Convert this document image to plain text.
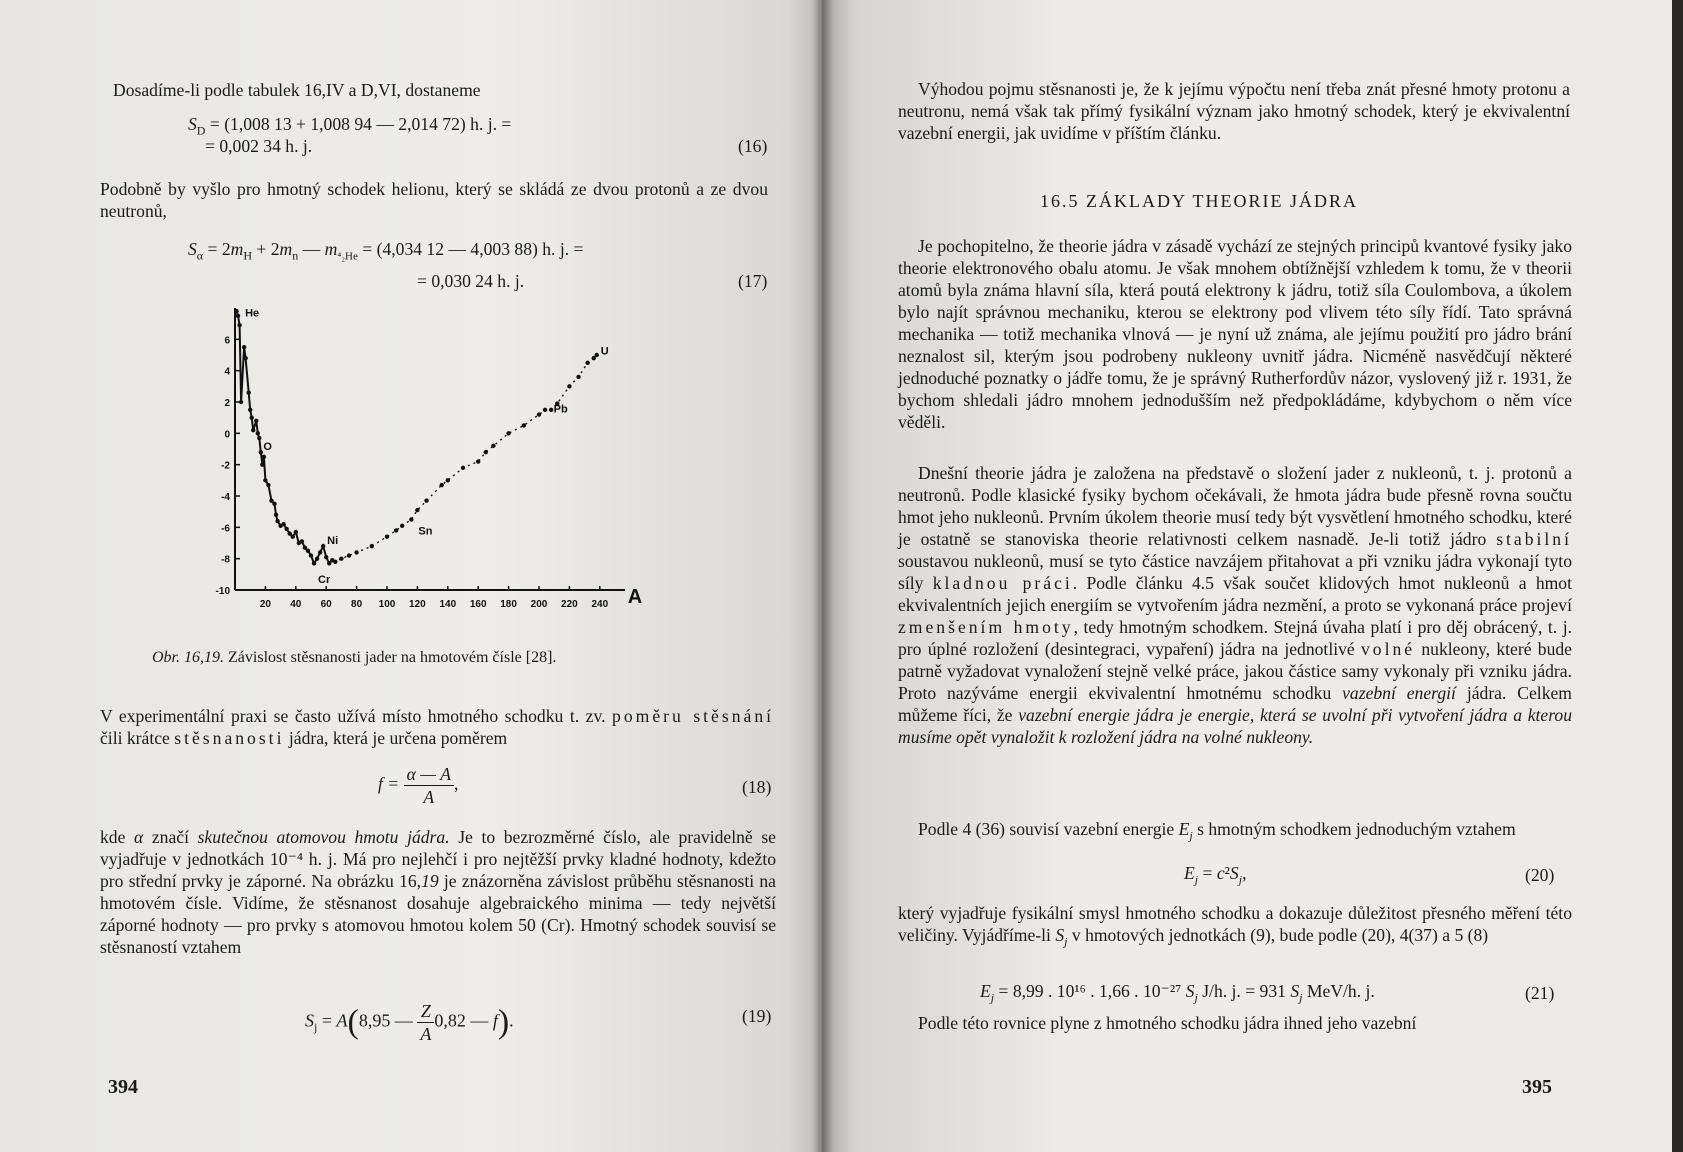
Dosadíme-li podle tabulek 16,IV a D,VI, dostaneme
$S_D = (1,008$ 13 + 1,008 94 — 2,014 72) h. j. =
= 0,002 34 h. j.	(16)
Podobně by vyšlo pro hmotný schodek helionu, který se skládá ze dvou protonů a ze dvou neutronů,
$S_\alpha = 2m_H + 2m_n$ — $m_{^4_2He} = (4,034$ 12 — 4,003 88) h. j. =
= 0,030 24 h. j.	(17)
6
4
2
0
-2
-4
-6
-8
-10
20 40 60 80 100 120 140 160 180 200 220 240
He
O
Ni
Cr
Sn
Pb
U
A
Obr. 16,19. Závislost stěsnanosti jader na hmotovém čísle [28].
V experimentální praxi se často užívá místo hmotného schodku t. zv. poměru stěsnání čili krátce stěsnanosti jádra, která je určena poměrem
$f = \frac{\alpha — A}{A}$ ,	(18)
kde α značí skutečnou atomovou hmotu jádra. Je to bezrozměrné číslo, ale pravidelně se vyjadřuje v jednotkách 10⁻⁴ h. j. Má pro nejlehčí i pro nejtěžší prvky kladné hodnoty, kdežto pro střední prvky je záporné. Na obrázku 16,19 je znázorněna závislost průběhu stěsnanosti na hmotovém čísle. Vidíme, že stěsnanost dosahuje algebraického minima — tedy největší záporné hodnoty — pro prvky s atomovou hmotou kolem 50 (Cr). Hmotný schodek souvisí se stěsnaností vztahem
$S_j = A(8,95$ — $\frac{Z}{A} 0,82$ — f).	(19)
394
Výhodou pojmu stěsnanosti je, že k jejímu výpočtu není třeba znát přesné hmoty protonu a neutronu, nemá však tak přímý fysikální význam jako hmotný schodek, který je ekvivalentní vazební energii, jak uvidíme v příštím článku.
16.5 ZÁKLADY THEORIE JÁDRA
Je pochopitelno, že theorie jádra v zásadě vychází ze stejných principů kvantové fysiky jako theorie elektronového obalu atomu. Je však mnohem obtížnější vzhledem k tomu, že v theorii atomů byla známa hlavní síla, která poutá elektrony k jádru, totiž síla Coulombova, a úkolem bylo najít správnou mechaniku, kterou se elektrony pod vlivem této síly řídí. Tato správná mechanika — totiž mechanika vlnová — je nyní už známa, ale jejímu použití pro jádro brání neznalost sil, kterým jsou podrobeny nukleony uvnitř jádra. Nicméně nasvědčují některé jednoduché poznatky o jádře tomu, že je správný Rutherfordův názor, vyslovený již r. 1931, že bychom shledali jádro mnohem jednodušším než předpokládáme, kdybychom o něm více věděli.
Dnešní theorie jádra je založena na představě o složení jader z nukleonů, t. j. protonů a neutronů. Podle klasické fysiky bychom očekávali, že hmota jádra bude přesně rovna součtu hmot jeho nukleonů. Prvním úkolem theorie musí tedy být vysvětlení hmotného schodku, které je ostatně se stanoviska theorie relativnosti celkem nasnadě. Je-li totiž jádro stabilní soustavou nukleonů, musí se tyto částice navzájem přitahovat a při vzniku jádra vykonají tyto síly kladnou práci. Podle článku 4.5 však součet klidových hmot nukleonů a hmot ekvivalentních jejich energiím se vytvořením jádra nezmění, a proto se vykonaná práce projeví zmenšením hmoty, tedy hmotným schodkem. Stejná úvaha platí i pro děj obrácený, t. j. pro úplné rozložení (desintegraci, vypaření) jádra na jednotlivé volné nukleony, které bude patrně vyžadovat vynaložení stejně velké práce, jakou částice samy vykonaly při vzniku jádra. Proto nazýváme energii ekvivalentní hmotnému schodku vazební energií jádra. Celkem můžeme říci, že vazební energie jádra je energie, která se uvolní při vytvoření jádra a kterou musíme opět vynaložit k rozložení jádra na volné nukleony.
Podle 4 (36) souvisí vazební energie $E_j$ s hmotným schodkem jednoduchým vztahem
$E_j = c^2S_j$,	(20)
který vyjadřuje fysikální smysl hmotného schodku a dokazuje důležitost přesného měření této veličiny. Vyjádříme-li $S_j$ v hmotových jednotkách (9), bude podle (20), 4(37) a 5 (8)
$E_j = 8,99$ . 10¹⁶ . 1,66 . 10⁻²⁷ $S_j$ J/h. j. = 931 $S_j$ MeV/h. j.	(21)
Podle této rovnice plyne z hmotného schodku jádra ihned jeho vazební
395
